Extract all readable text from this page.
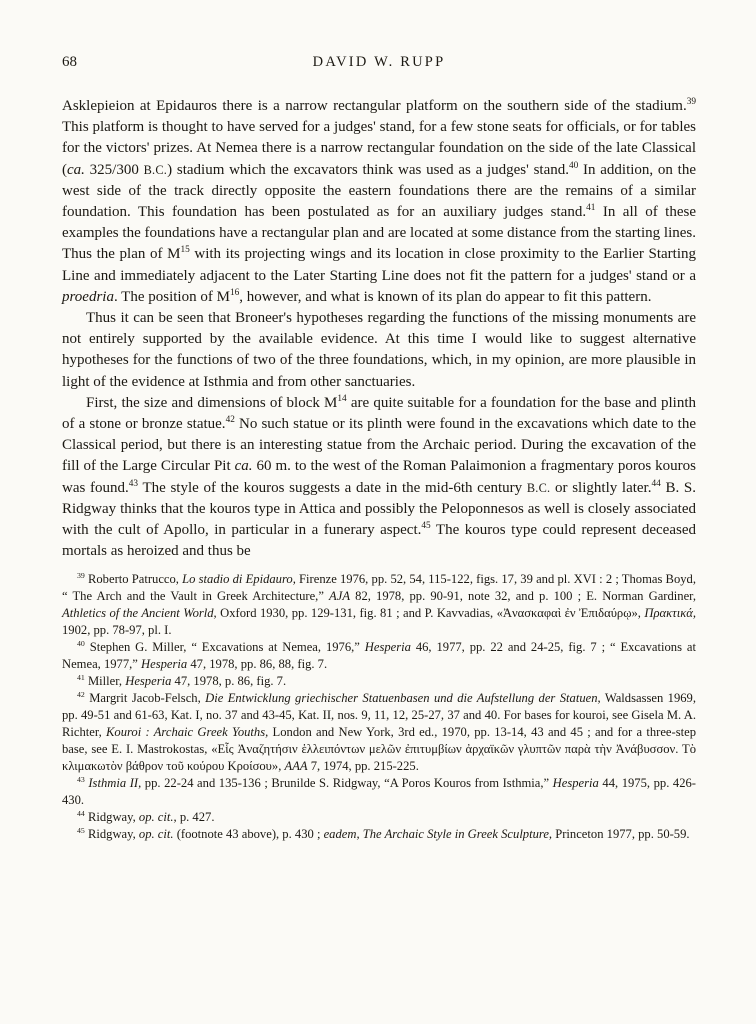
68	DAVID W. RUPP

Asklepieion at Epidauros there is a narrow rectangular platform on the southern side of the stadium.$^{39}$ This platform is thought to have served for a judges' stand, for a few stone seats for officials, or for tables for the victors' prizes. At Nemea there is a narrow rectangular foundation on the side of the late Classical (ca. 325/300 B.C.) stadium which the excavators think was used as a judges' stand.$^{40}$ In addition, on the west side of the track directly opposite the eastern foundations there are the remains of a similar foundation. This foundation has been postulated as for an auxiliary judges stand.$^{41}$ In all of these examples the foundations have a rectangular plan and are located at some distance from the starting lines. Thus the plan of $M^{15}$ with its projecting wings and its location in close proximity to the Earlier Starting Line and immediately adjacent to the Later Starting Line does not fit the pattern for a judges' stand or a proedria. The position of $M^{16}$, however, and what is known of its plan do appear to fit this pattern.

Thus it can be seen that Broneer's hypotheses regarding the functions of the missing monuments are not entirely supported by the available evidence. At this time I would like to suggest alternative hypotheses for the functions of two of the three foundations, which, in my opinion, are more plausible in light of the evidence at Isthmia and from other sanctuaries.

First, the size and dimensions of block $M^{14}$ are quite suitable for a foundation for the base and plinth of a stone or bronze statue.$^{42}$ No such statue or its plinth were found in the excavations which date to the Classical period, but there is an interesting statue from the Archaic period. During the excavation of the fill of the Large Circular Pit ca. 60 m. to the west of the Roman Palaimonion a fragmentary poros kouros was found.$^{43}$ The style of the kouros suggests a date in the mid-6th century B.C. or slightly later.$^{44}$ B. S. Ridgway thinks that the kouros type in Attica and possibly the Peloponnesos as well is closely associated with the cult of Apollo, in particular in a funerary aspect.$^{45}$ The kouros type could represent deceased mortals as heroized and thus be

$^{39}$ Roberto Patrucco, Lo stadio di Epidauro, Firenze 1976, pp. 52, 54, 115-122, figs. 17, 39 and pl. XVI : 2 ; Thomas Boyd, “ The Arch and the Vault in Greek Architecture,” AJA 82, 1978, pp. 90-91, note 32, and p. 100 ; E. Norman Gardiner, Athletics of the Ancient World, Oxford 1930, pp. 129-131, fig. 81 ; and P. Kavvadias, «Ἀνασκαφαὶ ἐν Ἐπιδαύρῳ», Πρακτικά, 1902, pp. 78-97, pl. I.

$^{40}$ Stephen G. Miller, “ Excavations at Nemea, 1976,” Hesperia 46, 1977, pp. 22 and 24-25, fig. 7 ; “ Excavations at Nemea, 1977,” Hesperia 47, 1978, pp. 86, 88, fig. 7.

$^{41}$ Miller, Hesperia 47, 1978, p. 86, fig. 7.

$^{42}$ Margrit Jacob-Felsch, Die Entwicklung griechischer Statuenbasen und die Aufstellung der Statuen, Waldsassen 1969, pp. 49-51 and 61-63, Kat. I, no. 37 and 43-45, Kat. II, nos. 9, 11, 12, 25-27, 37 and 40. For bases for kouroi, see Gisela M. A. Richter, Kouroi : Archaic Greek Youths, London and New York, 3rd ed., 1970, pp. 13-14, 43 and 45 ; and for a three-step base, see E. I. Mastrokostas, «Εἷς Ἀναζητήσιν ἑλλειπόντων μελῶν ἐπιτυμβίων ἀρχαϊκῶν γλυπτῶν παρὰ τὴν Ἀνάβυσσον. Τὸ κλιμακωτὸν βάθρον τοῦ κούρου Κροίσου», ΑΑΑ 7, 1974, pp. 215-225.

$^{43}$ Isthmia II, pp. 22-24 and 135-136 ; Brunilde S. Ridgway, “A Poros Kouros from Isthmia,” Hesperia 44, 1975, pp. 426-430.

$^{44}$ Ridgway, op. cit., p. 427.

$^{45}$ Ridgway, op. cit. (footnote 43 above), p. 430 ; eadem, The Archaic Style in Greek Sculpture, Princeton 1977, pp. 50-59.
